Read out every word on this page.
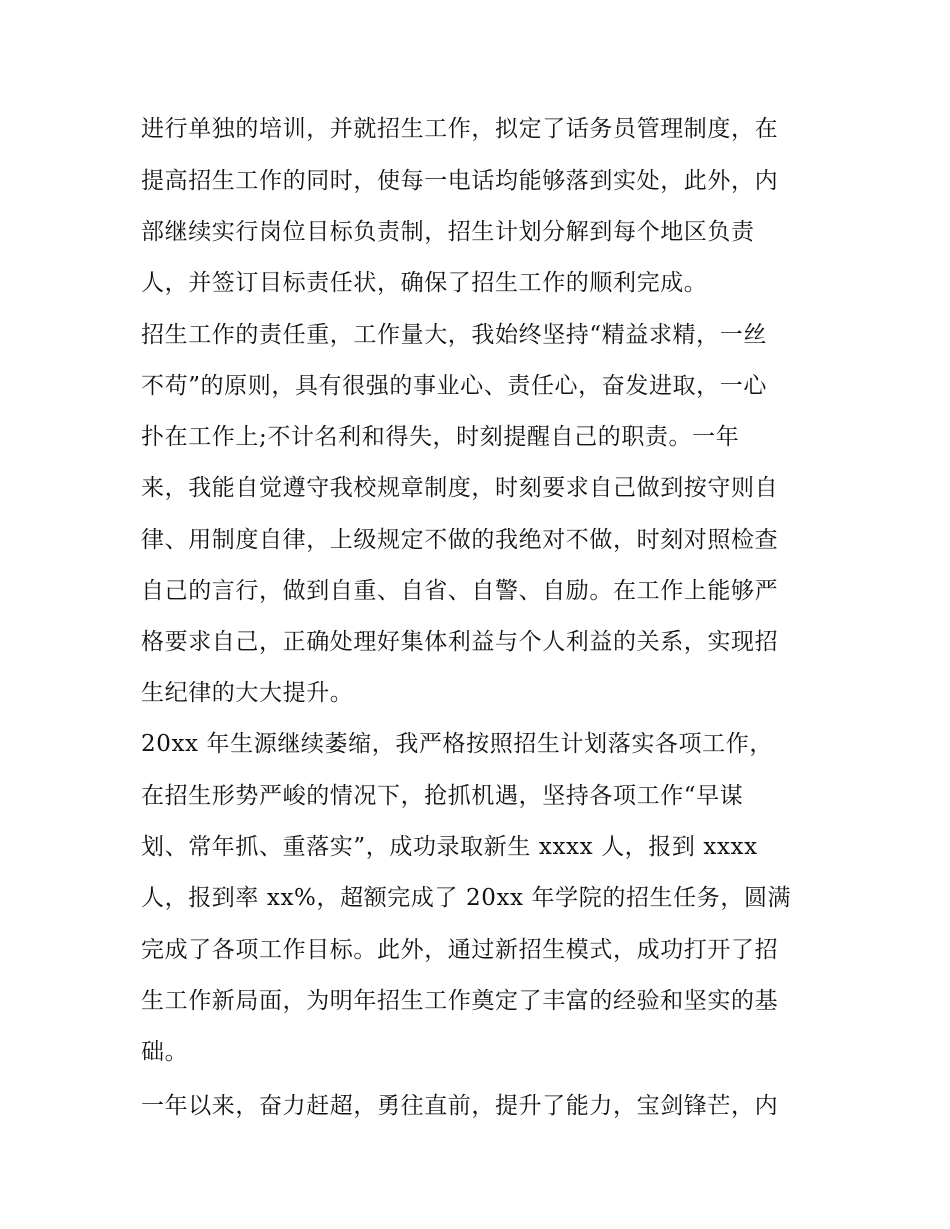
进行单独的培训，并就招生工作，拟定了话务员管理制度，在

提高招生工作的同时，使每一电话均能够落到实处，此外，内

部继续实行岗位目标负责制，招生计划分解到每个地区负责

人，并签订目标责任状，确保了招生工作的顺利完成。

招生工作的责任重，工作量大，我始终坚持“精益求精，一丝

不苟”的原则，具有很强的事业心、责任心，奋发进取，一心

扑在工作上;不计名利和得失，时刻提醒自己的职责。一年

来，我能自觉遵守我校规章制度，时刻要求自己做到按守则自

律、用制度自律，上级规定不做的我绝对不做，时刻对照检查

自己的言行，做到自重、自省、自警、自励。在工作上能够严

格要求自己，正确处理好集体利益与个人利益的关系，实现招

生纪律的大大提升。

20xx 年生源继续萎缩，我严格按照招生计划落实各项工作，

在招生形势严峻的情况下，抢抓机遇，坚持各项工作“早谋

划、常年抓、重落实”，成功录取新生 xxxx 人，报到 xxxx

人，报到率 xx%，超额完成了 20xx 年学院的招生任务，圆满

完成了各项工作目标。此外，通过新招生模式，成功打开了招

生工作新局面，为明年招生工作奠定了丰富的经验和坚实的基

础。

一年以来，奋力赶超，勇往直前，提升了能力，宝剑锋芒，内
